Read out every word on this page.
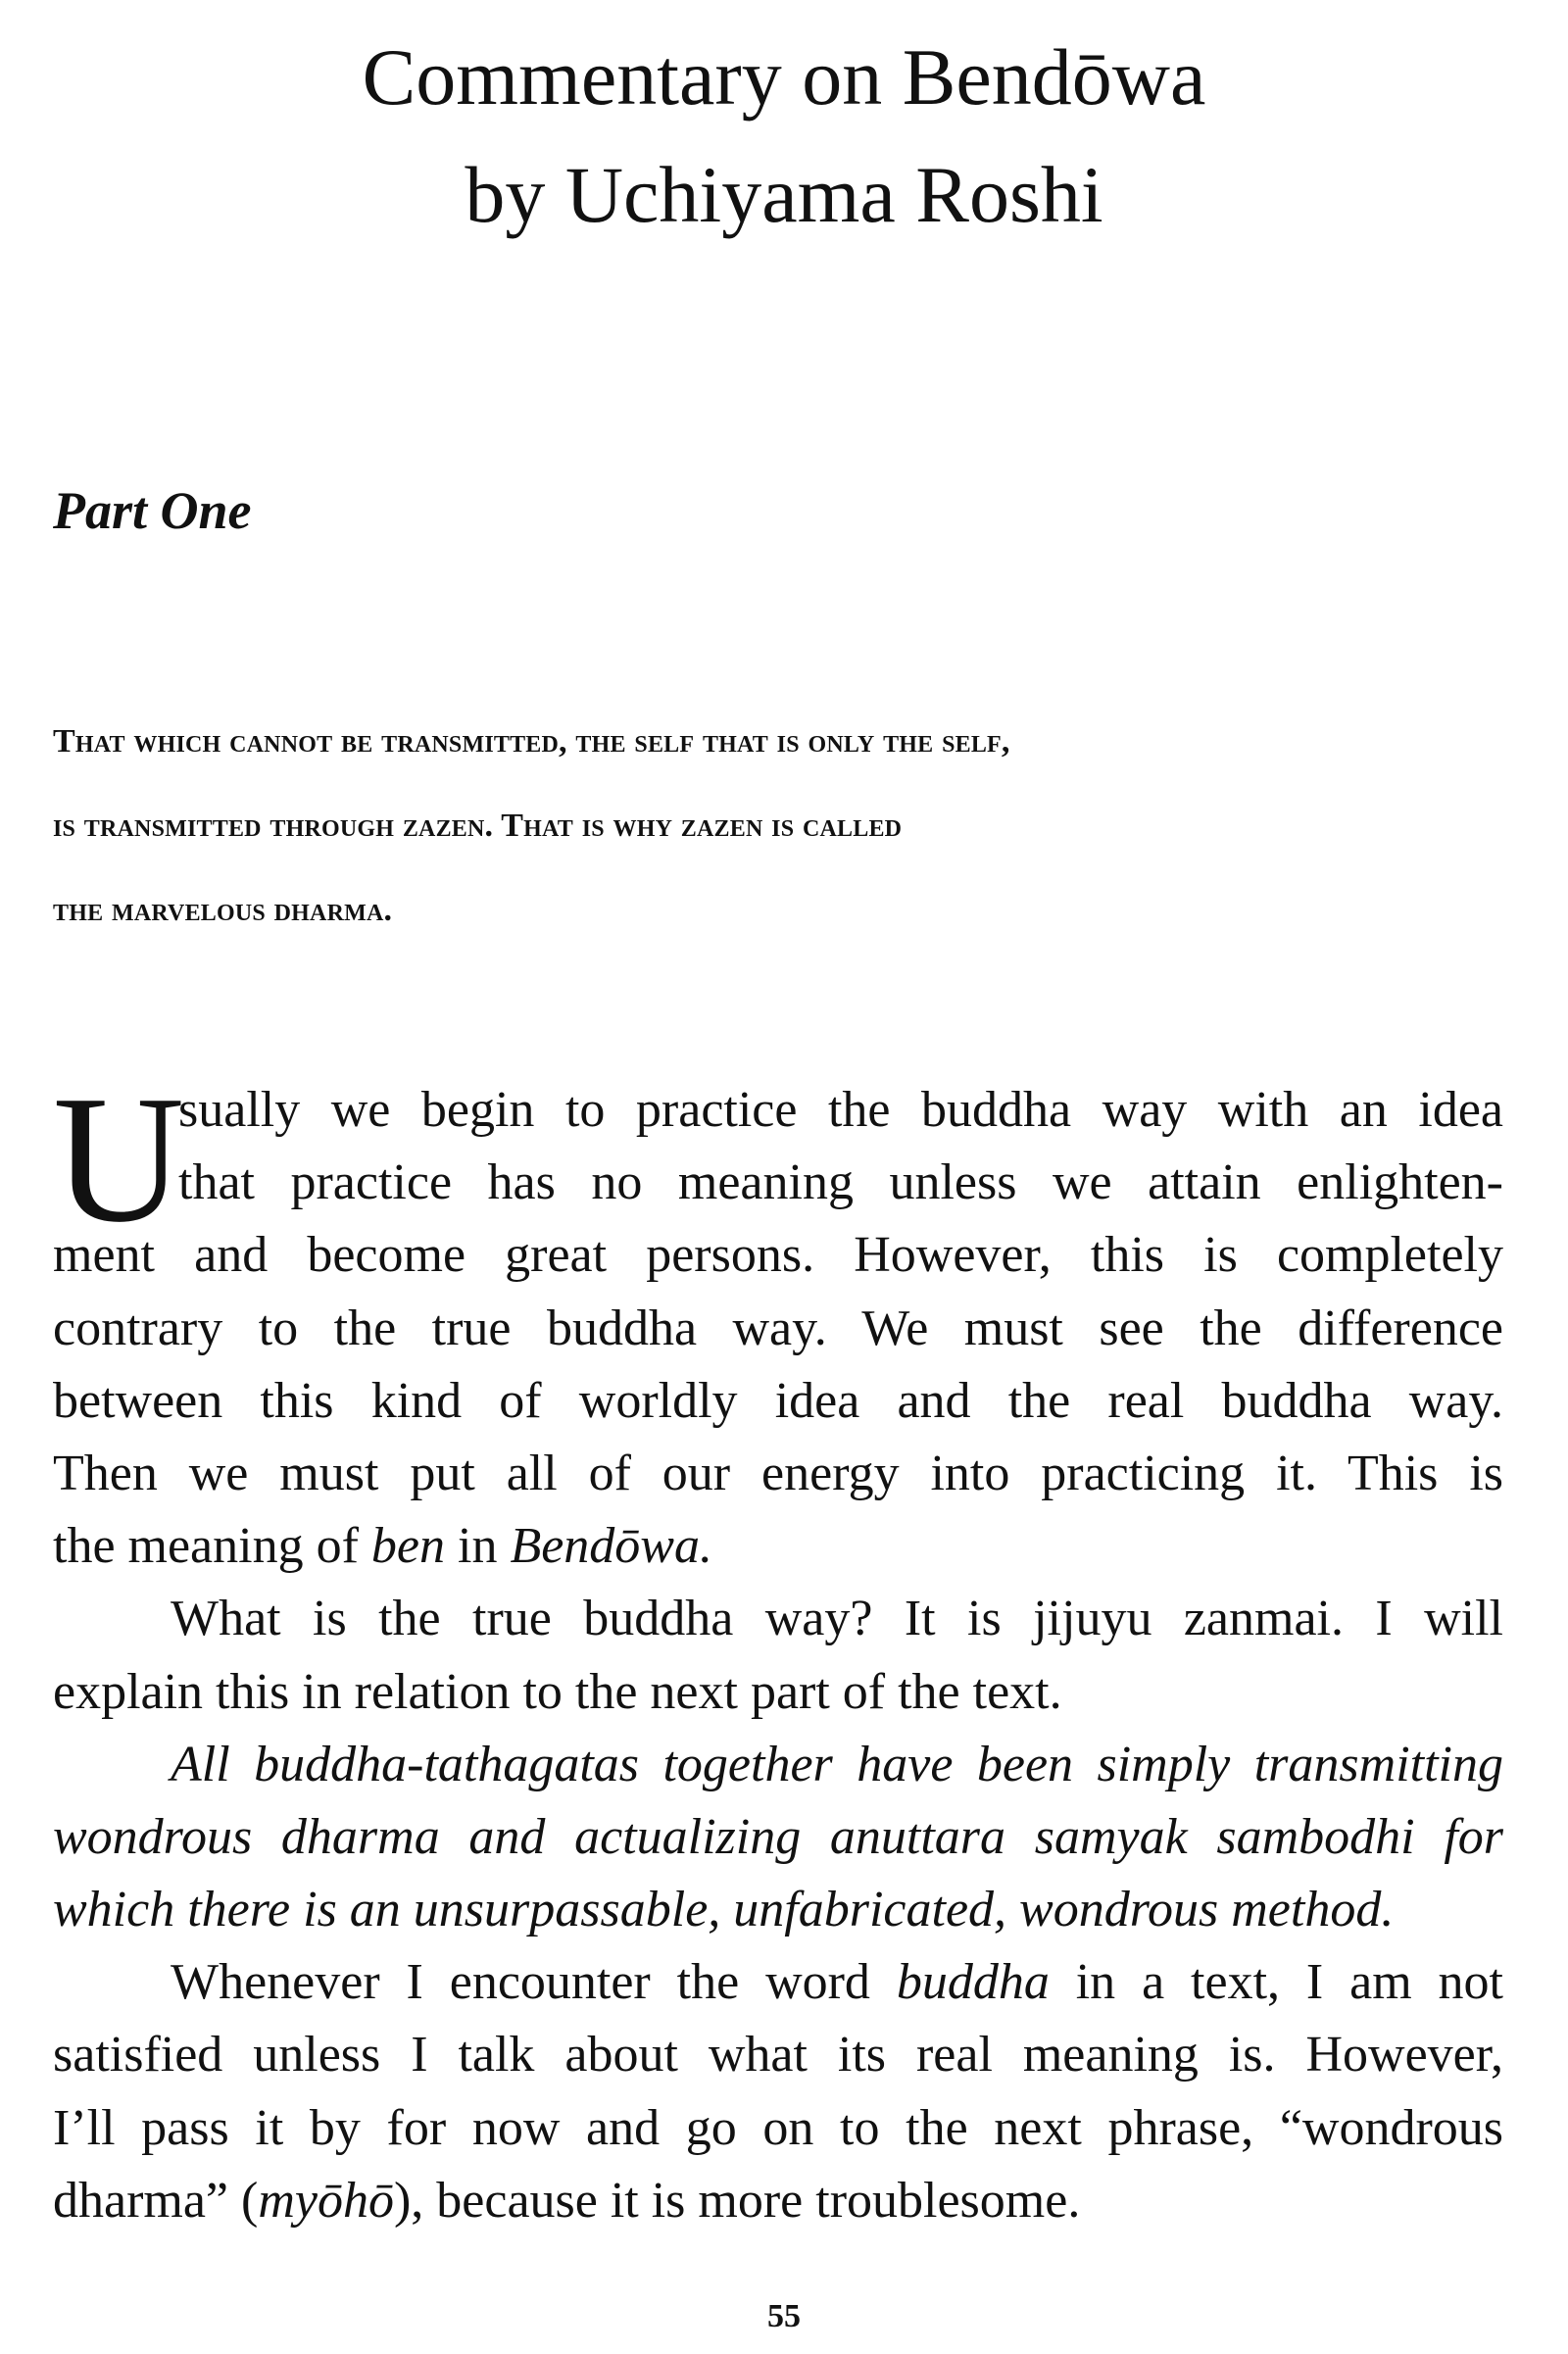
Commentary on Bendōwa
by Uchiyama Roshi
Part One
That which cannot be transmitted, the self that is only the self,
is transmitted through zazen. That is why zazen is called
the marvelous dharma.
U
sually we begin to practice the buddha way with an idea
that practice has no meaning unless we attain enlighten-
ment and become great persons. However, this is completely
contrary to the true buddha way. We must see the difference
between this kind of worldly idea and the real buddha way.
Then we must put all of our energy into practicing it. This is
the meaning of ben in Bendōwa.
What is the true buddha way? It is jijuyu zanmai. I will
explain this in relation to the next part of the text.
All buddha-tathagatas together have been simply transmitting
wondrous dharma and actualizing anuttara samyak sambodhi for
which there is an unsurpassable, unfabricated, wondrous method.
Whenever I encounter the word buddha in a text, I am not
satisfied unless I talk about what its real meaning is. However,
I’ll pass it by for now and go on to the next phrase, “wondrous
dharma” (myōhō), because it is more troublesome.
55
